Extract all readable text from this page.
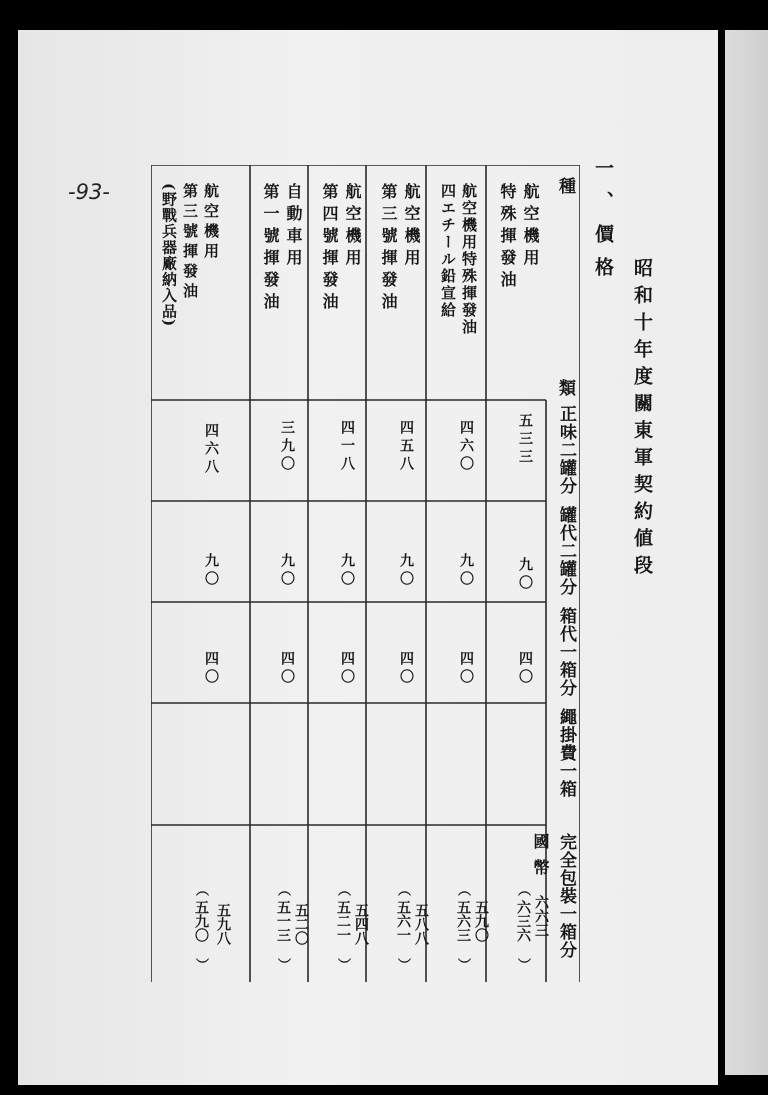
-93-
昭和十年度關東軍契約値段
一、價格
種類
正味二罐分
罐代二罐分
箱代一箱分
繩掛費一箱
完全包裝一箱分
國幣
航空機用
特殊揮發油
五三三
九〇
四〇
六六三
︵
六三六
︶
航空機用特殊揮發油
四エチール鉛宣給
四六〇
九〇
四〇
五九〇
︵
五六三
︶
航空機用
第三號揮發油
四五八
九〇
四〇
五八八
︵
五六一
︶
航空機用
第四號揮發油
四一八
九〇
四〇
五四八
︵
五二一
︶
自動車用
第一號揮發油
三九〇
九〇
四〇
五二〇
︵
五一三
︶
航空機用
第三號揮發油
(野戰兵器廠納入品)
四六八
九〇
四〇
五九八
︵
五九〇
︶
